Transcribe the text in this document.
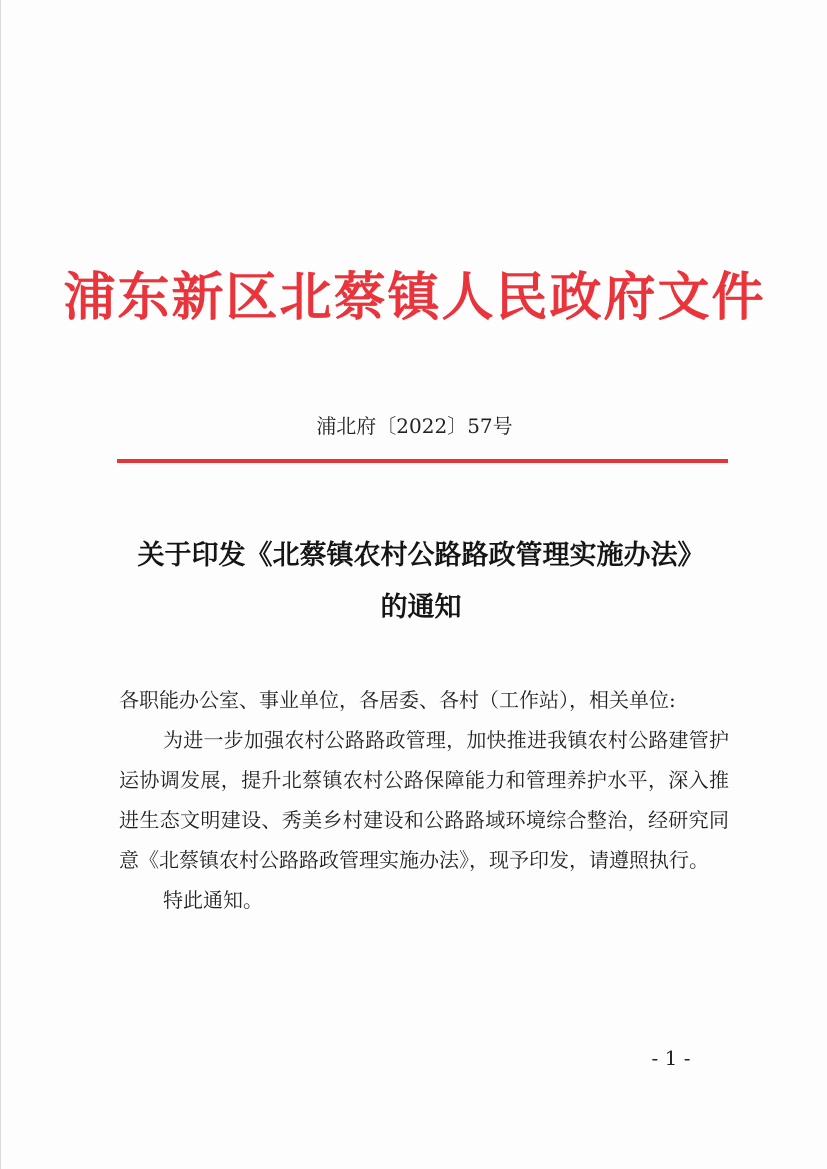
浦东新区北蔡镇人民政府文件
浦北府〔2022〕57号
关于印发《北蔡镇农村公路路政管理实施办法》
的通知

各职能办公室、事业单位，各居委、各村（工作站），相关单位:

为进一步加强农村公路路政管理，加快推进我镇农村公路建管护运协调发展，提升北蔡镇农村公路保障能力和管理养护水平，深入推进生态文明建设、秀美乡村建设和公路路域环境综合整治，经研究同意《北蔡镇农村公路路政管理实施办法》，现予印发，请遵照执行。

特此通知。

- 1 -
